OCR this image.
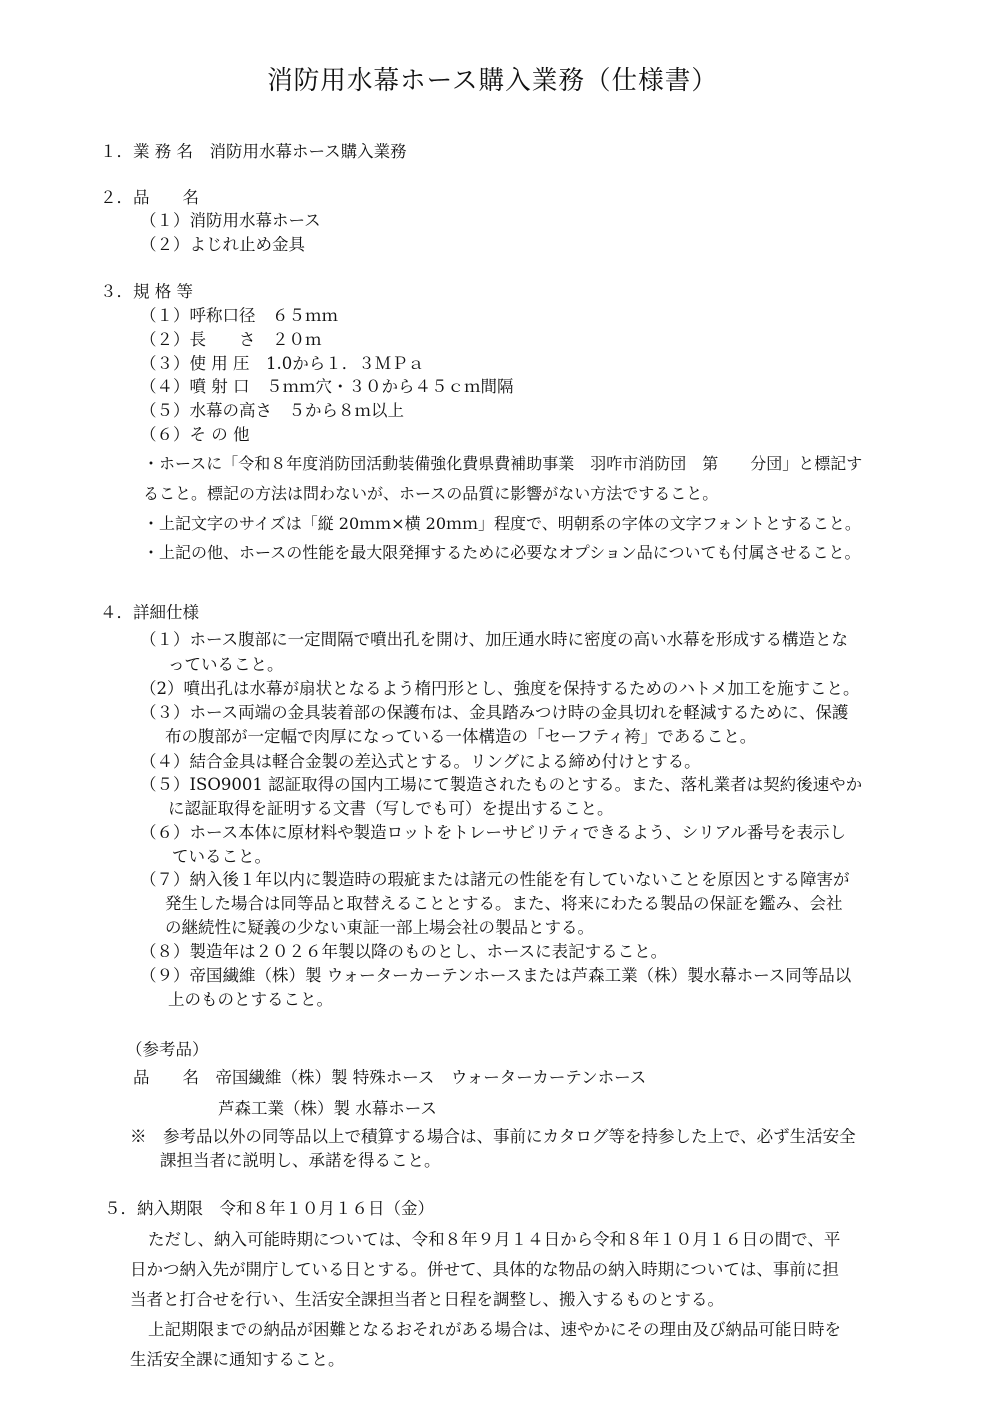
消防用水幕ホース購入業務（仕様書）
１．業 務 名　消防用水幕ホース購入業務
２．品　　名
（１）消防用水幕ホース
（２）よじれ止め金具
３．規 格 等
（１）呼称口径　６５ｍｍ
（２）長　　さ　２０ｍ
（３）使 用 圧　1.0から１．３ＭＰａ
（４）噴 射 口　５ｍｍ穴・３０から４５ｃｍ間隔
（５）水幕の高さ　５から８ｍ以上
（６）そ の 他
・ホースに「令和８年度消防団活動装備強化費県費補助事業　羽咋市消防団　第　　分団」と標記す
ること。標記の方法は問わないが、ホースの品質に影響がない方法ですること。
・上記文字のサイズは「縦 20ｍｍ×横 20ｍｍ」程度で、明朝系の字体の文字フォントとすること。
・上記の他、ホースの性能を最大限発揮するために必要なオプション品についても付属させること。
４．詳細仕様
（１）ホース腹部に一定間隔で噴出孔を開け、加圧通水時に密度の高い水幕を形成する構造とな
っていること。
（2）噴出孔は水幕が扇状となるよう楕円形とし、強度を保持するためのハトメ加工を施すこと。
（３）ホース両端の金具装着部の保護布は、金具踏みつけ時の金具切れを軽減するために、保護
布の腹部が一定幅で肉厚になっている一体構造の「セーフティ袴」であること。
（４）結合金具は軽合金製の差込式とする。リングによる締め付けとする。
（５）ISO9001 認証取得の国内工場にて製造されたものとする。また、落札業者は契約後速やか
に認証取得を証明する文書（写しでも可）を提出すること。
（６）ホース本体に原材料や製造ロットをトレーサビリティできるよう、シリアル番号を表示し
ていること。
（７）納入後１年以内に製造時の瑕疵または諸元の性能を有していないことを原因とする障害が
発生した場合は同等品と取替えることとする。また、将来にわたる製品の保証を鑑み、会社
の継続性に疑義の少ない東証一部上場会社の製品とする。
（８）製造年は２０２６年製以降のものとし、ホースに表記すること。
（９）帝国繊維（株）製 ウォーターカーテンホースまたは芦森工業（株）製水幕ホース同等品以
上のものとすること。
（参考品）
品　　名　帝国繊維（株）製 特殊ホース　ウォーターカーテンホース
芦森工業（株）製 水幕ホース
※　参考品以外の同等品以上で積算する場合は、事前にカタログ等を持参した上で、必ず生活安全
課担当者に説明し、承諾を得ること。
５．納入期限　令和８年１０月１６日（金）
ただし、納入可能時期については、令和８年９月１４日から令和８年１０月１６日の間で、平
日かつ納入先が開庁している日とする。併せて、具体的な物品の納入時期については、事前に担
当者と打合せを行い、生活安全課担当者と日程を調整し、搬入するものとする。
上記期限までの納品が困難となるおそれがある場合は、速やかにその理由及び納品可能日時を
生活安全課に通知すること。
